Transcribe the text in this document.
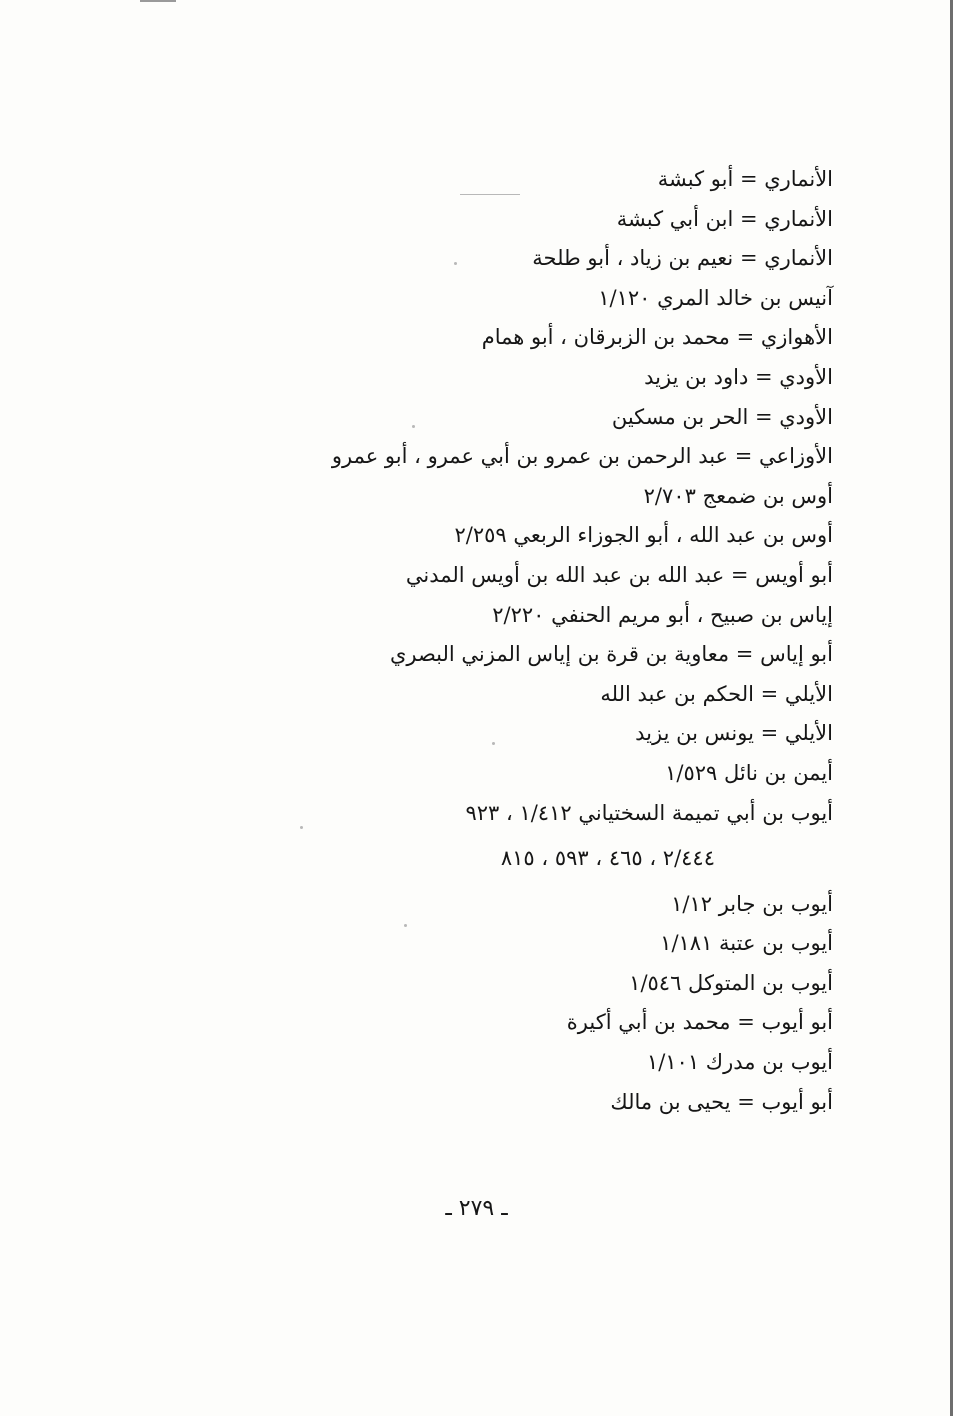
الأنماري = أبو كبشة
الأنماري = ابن أبي كبشة
الأنماري = نعيم بن زياد ، أبو طلحة
آنيس بن خالد المري ١/١٢٠
الأهوازي = محمد بن الزبرقان ، أبو همام
الأودي = داود بن يزيد
الأودي = الحر بن مسكين
الأوزاعي = عبد الرحمن بن عمرو بن أبي عمرو ، أبو عمرو
أوس بن ضمعج ٢/٧٠٣
أوس بن عبد الله ، أبو الجوزاء الربعي ٢/٢٥٩
أبو أويس = عبد الله بن عبد الله بن أويس المدني
إياس بن صبيح ، أبو مريم الحنفي ٢/٢٢٠
أبو إياس = معاوية بن قرة بن إياس المزني البصري
الأيلي = الحكم بن عبد الله
الأيلي = يونس بن يزيد
أيمن بن نائل ١/٥٢٩
أيوب بن أبي تميمة السختياني ١/٤١٢ ، ٩٢٣
٢/٤٤٤ ، ٤٦٥ ، ٥٩٣ ، ٨١٥
أيوب بن جابر ١/١٢
أيوب بن عتبة ١/١٨١
أيوب بن المتوكل ١/٥٤٦
أبو أيوب = محمد بن أبي أكيرة
أيوب بن مدرك ١/١٠١
أبو أيوب = يحيى بن مالك
ـ ٢٧٩ ـ
